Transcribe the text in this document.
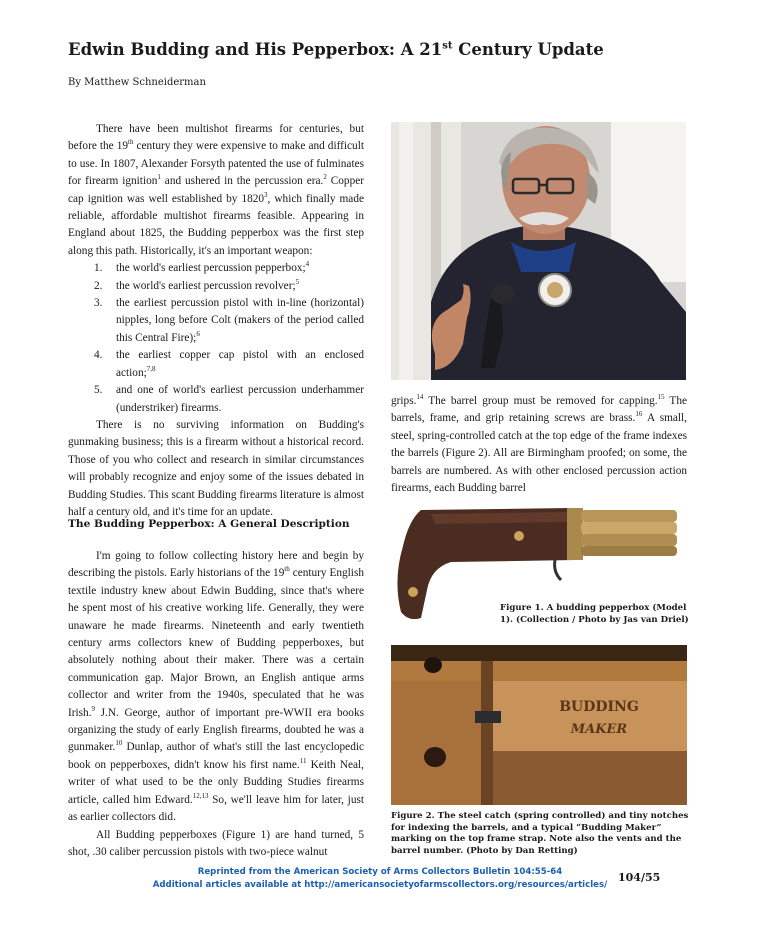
Edwin Budding and His Pepperbox: A 21st Century Update
By Matthew Schneiderman

There have been multishot firearms for centuries, but before the 19th century they were expensive to make and difficult to use. In 1807, Alexander Forsyth patented the use of fulminates for firearm ignition$^1$ and ushered in the percussion era.$^2$ Copper cap ignition was well established by 1820$^3$, which finally made reliable, affordable multishot firearms feasible. Appearing in England about 1825, the Budding pepperbox was the first step along this path. Historically, it's an important weapon:

1. the world's earliest percussion pepperbox;$^4$
2. the world's earliest percussion revolver;$^5$
3. the earliest percussion pistol with in-line (horizontal) nipples, long before Colt (makers of the period called this Central Fire);$^6$
4. the earliest copper cap pistol with an enclosed action;$^{7,8}$
5. and one of world's earliest percussion underhammer (understriker) firearms.

There is no surviving information on Budding's gunmaking business; this is a firearm without a historical record. Those of you who collect and research in similar circumstances will probably recognize and enjoy some of the issues debated in Budding Studies. This scant Budding firearms literature is almost half a century old, and it's time for an update.

The Budding Pepperbox: A General Description

I'm going to follow collecting history here and begin by describing the pistols. Early historians of the 19th century English textile industry knew about Edwin Budding, since that's where he spent most of his creative working life. Generally, they were unaware he made firearms. Nineteenth and early twentieth century arms collectors knew of Budding pepperboxes, but absolutely nothing about their maker. There was a certain communication gap. Major Brown, an English antique arms collector and writer from the 1940s, speculated that he was Irish.$^9$ J.N. George, author of important pre-WWII era books organizing the study of early English firearms, doubted he was a gunmaker.$^{10}$ Dunlap, author of what's still the last encyclopedic book on pepperboxes, didn't know his first name.$^{11}$ Keith Neal, writer of what used to be the only Budding Studies firearms article, called him Edward.$^{12,13}$ So, we'll leave him for later, just as earlier collectors did.

All Budding pepperboxes (Figure 1) are hand turned, 5 shot, .30 caliber percussion pistols with two-piece walnut

grips.$^{14}$ The barrel group must be removed for capping.$^{15}$ The barrels, frame, and grip retaining screws are brass.$^{16}$ A small, steel, spring-controlled catch at the top edge of the frame indexes the barrels (Figure 2). All are Birmingham proofed; on some, the barrels are numbered. As with other enclosed percussion action firearms, each Budding barrel

Figure 1. A budding pepperbox (Model 1). (Collection / Photo by Jas van Driel)
BUDDING
MAKER
Figure 2. The steel catch (spring controlled) and tiny notches for indexing the barrels, and a typical “Budding Maker” marking on the top frame strap. Note also the vents and the barrel number. (Photo by Dan Retting)
Reprinted from the American Society of Arms Collectors Bulletin 104:55-64
Additional articles available at http://americansocietyofarmscollectors.org/resources/articles/
104/55
